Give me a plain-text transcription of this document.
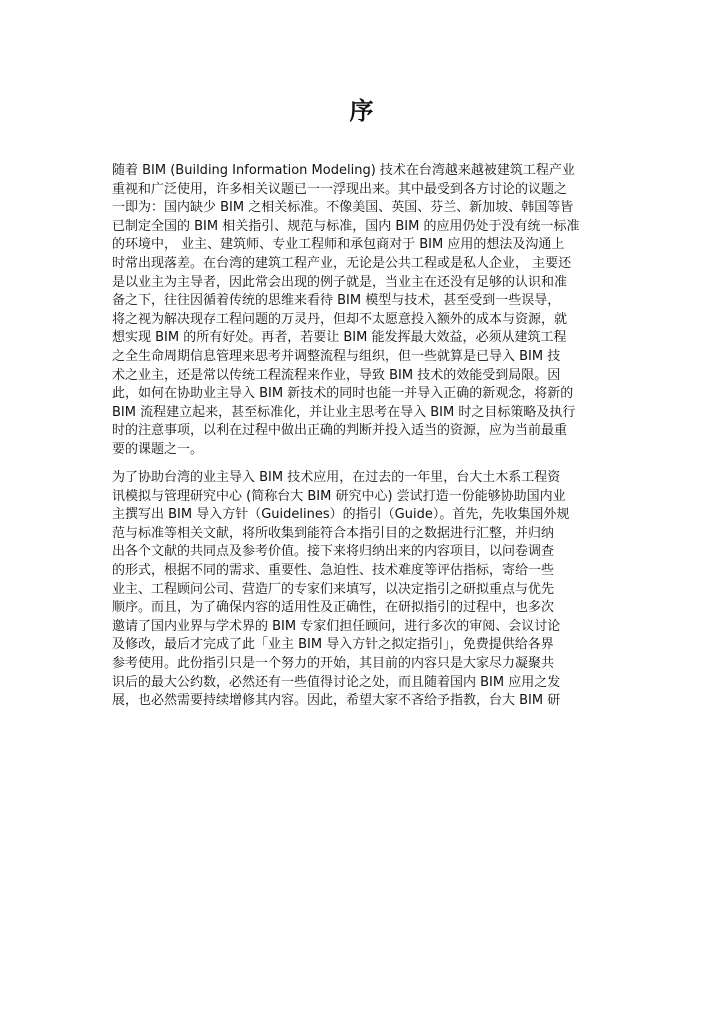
序
随着 BIM (Building Information Modeling) 技术在台湾越来越被建筑工程产业
重视和广泛使用，许多相关议题已一一浮现出来。其中最受到各方讨论的议题之
一即为：国内缺少 BIM 之相关标准。不像美国、英国、芬兰、新加坡、韩国等皆
已制定全国的 BIM 相关指引、规范与标准，国内 BIM 的应用仍处于没有统一标准
的环境中， 业主、建筑师、专业工程师和承包商对于 BIM 应用的想法及沟通上
时常出现落差。在台湾的建筑工程产业，无论是公共工程或是私人企业， 主要还
是以业主为主导者，因此常会出现的例子就是，当业主在还没有足够的认识和准
备之下，往往因循着传统的思维来看待 BIM 模型与技术，甚至受到一些误导，
将之视为解决现存工程问题的万灵丹，但却不太愿意投入额外的成本与资源，就
想实现 BIM 的所有好处。再者，若要让 BIM 能发挥最大效益，必须从建筑工程
之全生命周期信息管理来思考并调整流程与组织，但一些就算是已导入 BIM 技
术之业主，还是常以传统工程流程来作业，导致 BIM 技术的效能受到局限。因
此，如何在协助业主导入 BIM 新技术的同时也能一并导入正确的新观念，将新的
BIM 流程建立起来，甚至标准化，并让业主思考在导入 BIM 时之目标策略及执行
时的注意事项，以利在过程中做出正确的判断并投入适当的资源，应为当前最重
要的课题之一。
为了协助台湾的业主导入 BIM 技术应用，在过去的一年里，台大土木系工程资
讯模拟与管理研究中心 (简称台大 BIM 研究中心) 尝试打造一份能够协助国内业
主撰写出 BIM 导入方针（Guidelines）的指引（Guide）。首先，先收集国外规
范与标准等相关文献，将所收集到能符合本指引目的之数据进行汇整，并归纳
出各个文献的共同点及参考价值。接下来将归纳出来的内容项目，以问卷调查
的形式，根据不同的需求、重要性、急迫性、技术难度等评估指标，寄给一些
业主、工程顾问公司、营造厂的专家们来填写，以决定指引之研拟重点与优先
顺序。而且，为了确保内容的适用性及正确性，在研拟指引的过程中，也多次
邀请了国内业界与学术界的 BIM 专家们担任顾问，进行多次的审阅、会议讨论
及修改，最后才完成了此「业主 BIM 导入方针之拟定指引」，免费提供给各界
参考使用。此份指引只是一个努力的开始，其目前的内容只是大家尽力凝聚共
识后的最大公约数，必然还有一些值得讨论之处，而且随着国内 BIM 应用之发
展，也必然需要持续增修其内容。因此，希望大家不吝给予指教，台大 BIM 研
